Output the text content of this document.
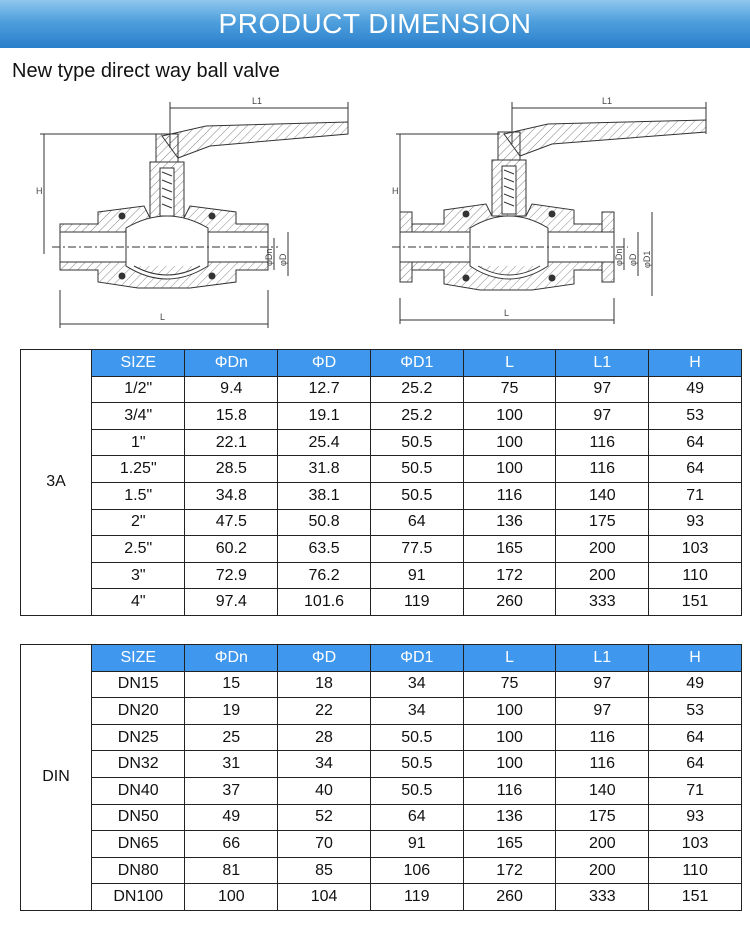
PRODUCT DIMENSION
New type direct way ball valve
L1
H
L
φDn φD
L1
H
L
φDn φD φD1
3A	SIZE	ΦDn	ΦD	ΦD1	L	L1	H
	1/2"	9.4	12.7	25.2	75	97	49
	3/4"	15.8	19.1	25.2	100	97	53
	1"	22.1	25.4	50.5	100	116	64
	1.25"	28.5	31.8	50.5	100	116	64
	1.5"	34.8	38.1	50.5	116	140	71
	2"	47.5	50.8	64	136	175	93
	2.5"	60.2	63.5	77.5	165	200	103
	3"	72.9	76.2	91	172	200	110
	4"	97.4	101.6	119	260	333	151
DIN	SIZE	ΦDn	ΦD	ΦD1	L	L1	H
	DN15	15	18	34	75	97	49
	DN20	19	22	34	100	97	53
	DN25	25	28	50.5	100	116	64
	DN32	31	34	50.5	100	116	64
	DN40	37	40	50.5	116	140	71
	DN50	49	52	64	136	175	93
	DN65	66	70	91	165	200	103
	DN80	81	85	106	172	200	110
	DN100	100	104	119	260	333	151
